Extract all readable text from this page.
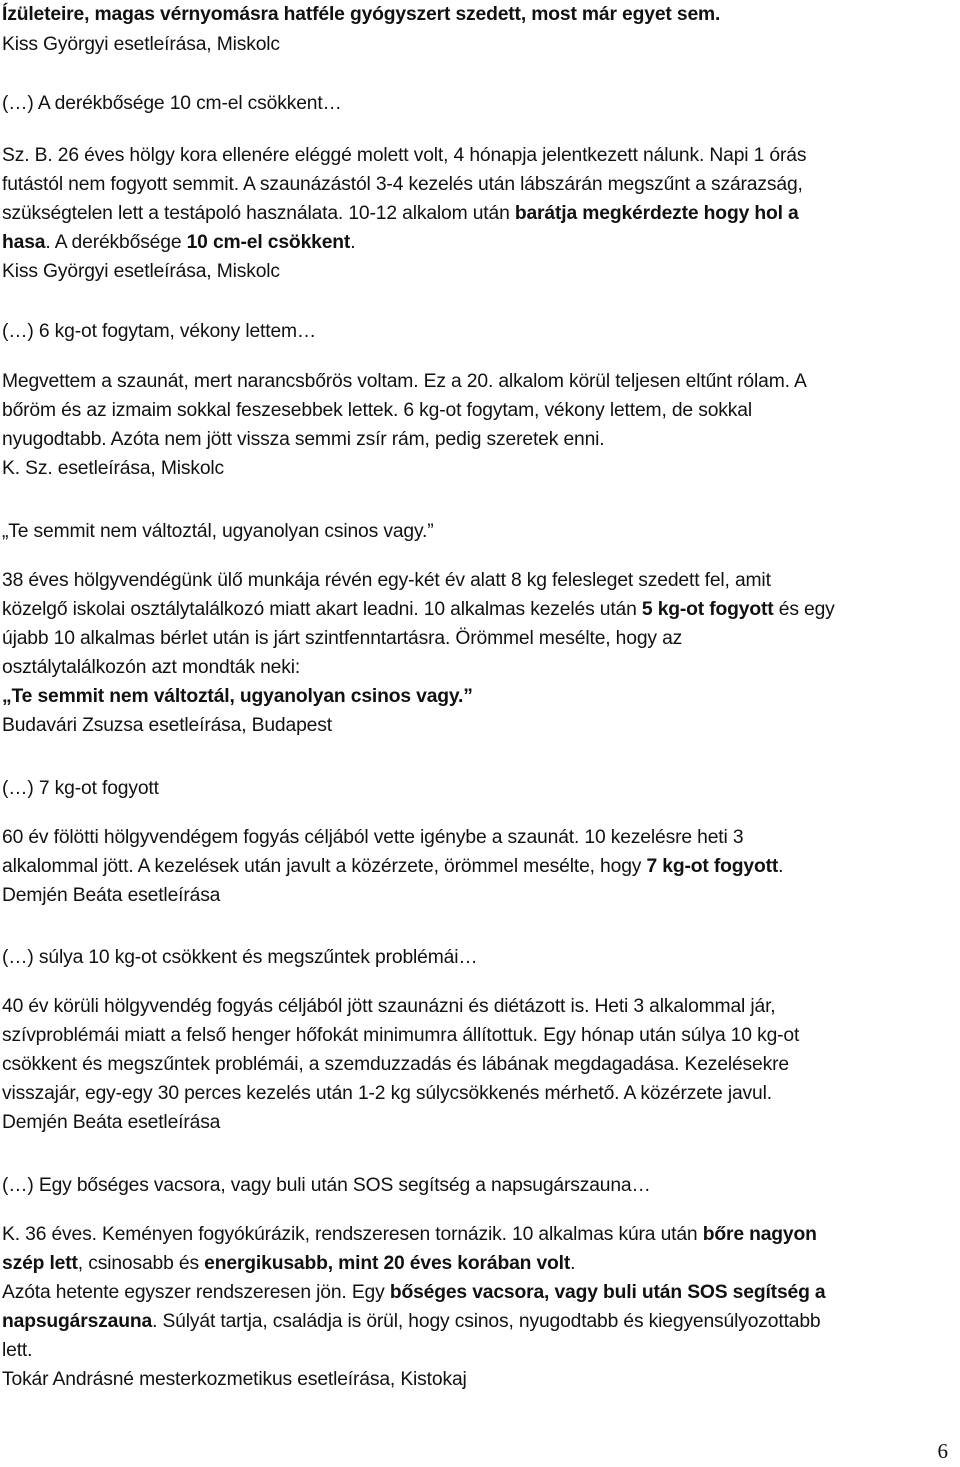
Ízületeire, magas vérnyomásra hatféle gyógyszert szedett, most már egyet sem.
Kiss Györgyi esetleírása, Miskolc
(…) A derékbősége 10 cm-el csökkent…
Sz. B. 26 éves hölgy kora ellenére eléggé molett volt, 4 hónapja jelentkezett nálunk. Napi 1 órás
futástól nem fogyott semmit. A szaunázástól 3-4 kezelés után lábszárán megszűnt a szárazság,
szükségtelen lett a testápoló használata. 10-12 alkalom után barátja megkérdezte hogy hol a
hasa. A derékbősége 10 cm-el csökkent.
Kiss Györgyi esetleírása, Miskolc
(…) 6 kg-ot fogytam, vékony lettem…
Megvettem a szaunát, mert narancsbőrös voltam. Ez a 20. alkalom körül teljesen eltűnt rólam. A
bőröm és az izmaim sokkal feszesebbek lettek. 6 kg-ot fogytam, vékony lettem, de sokkal
nyugodtabb. Azóta nem jött vissza semmi zsír rám, pedig szeretek enni.
K. Sz. esetleírása, Miskolc
„Te semmit nem változtál, ugyanolyan csinos vagy.”
38 éves hölgyvendégünk ülő munkája révén egy-két év alatt 8 kg felesleget szedett fel, amit
közelgő iskolai osztálytalálkozó miatt akart leadni. 10 alkalmas kezelés után 5 kg-ot fogyott és egy
újabb 10 alkalmas bérlet után is járt szintfenntartásra. Örömmel mesélte, hogy az
osztálytalálkozón azt mondták neki:
„Te semmit nem változtál, ugyanolyan csinos vagy.”
Budavári Zsuzsa esetleírása, Budapest
(…) 7 kg-ot fogyott
60 év fölötti hölgyvendégem fogyás céljából vette igénybe a szaunát. 10 kezelésre heti 3
alkalommal jött. A kezelések után javult a közérzete, örömmel mesélte, hogy 7 kg-ot fogyott.
Demjén Beáta esetleírása
(…) súlya 10 kg-ot csökkent és megszűntek problémái…
40 év körüli hölgyvendég fogyás céljából jött szaunázni és diétázott is. Heti 3 alkalommal jár,
szívproblémái miatt a felső henger hőfokát minimumra állítottuk. Egy hónap után súlya 10 kg-ot
csökkent és megszűntek problémái, a szemduzzadás és lábának megdagadása. Kezelésekre
visszajár, egy-egy 30 perces kezelés után 1-2 kg súlycsökkenés mérhető. A közérzete javul.
Demjén Beáta esetleírása
(…) Egy bőséges vacsora, vagy buli után SOS segítség a napsugárszauna…
K. 36 éves. Keményen fogyókúrázik, rendszeresen tornázik. 10 alkalmas kúra után bőre nagyon
szép lett, csinosabb és energikusabb, mint 20 éves korában volt.
Azóta hetente egyszer rendszeresen jön. Egy bőséges vacsora, vagy buli után SOS segítség a
napsugárszauna. Súlyát tartja, családja is örül, hogy csinos, nyugodtabb és kiegyensúlyozottabb
lett.
Tokár Andrásné mesterkozmetikus esetleírása, Kistokaj
6
